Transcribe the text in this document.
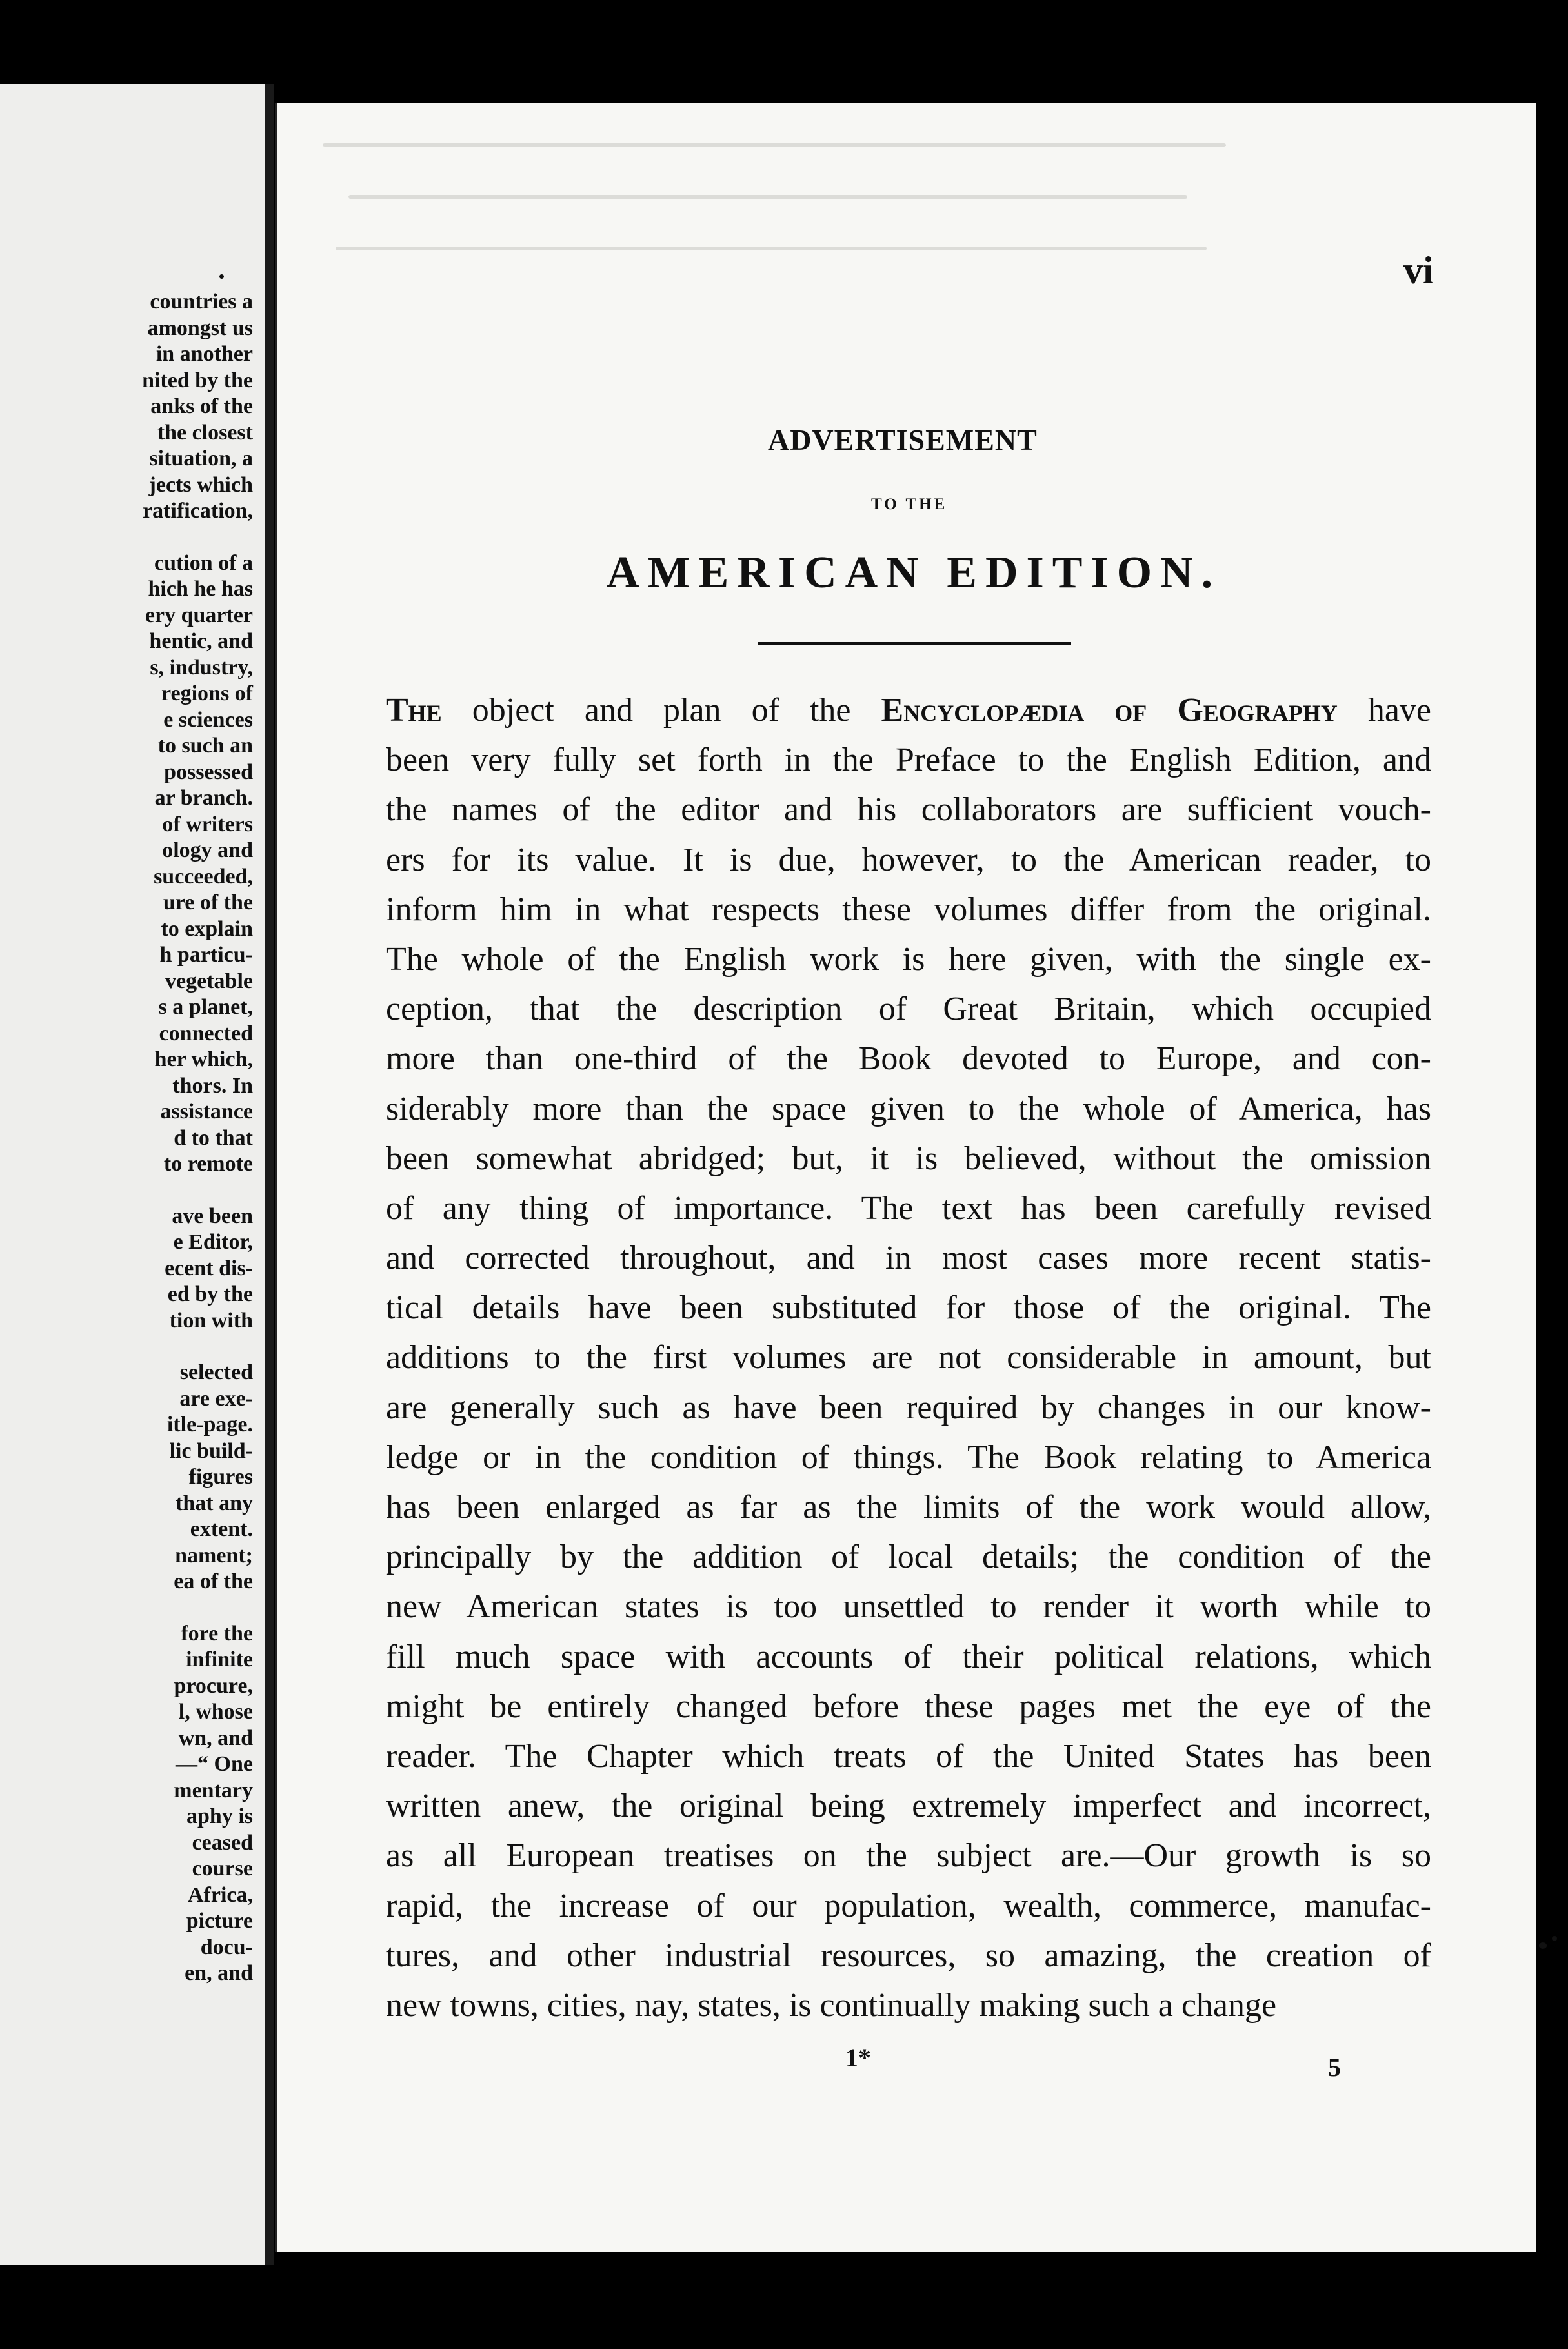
countries a
amongst us
in another
nited by the
anks of the
the closest
situation, a
jects which
ratification,
cution of a
hich he has
ery quarter
hentic, and
s, industry,
regions of
e sciences
to such an
possessed
ar branch.
of writers
ology and
succeeded,
ure of the
to explain
h particu-
vegetable
s a planet,
connected
her which,
thors. In
assistance
d to that
to remote
ave been
e Editor,
ecent dis-
ed by the
tion with
selected
are exe-
itle-page.
lic build-
figures
that any
extent.
nament;
ea of the
fore the
infinite
procure,
l, whose
wn, and
—“ One
mentary
aphy is
ceased
course
Africa,
picture
docu-
en, and
vi
ADVERTISEMENT
TO THE
AMERICAN EDITION.
The object and plan of the Encyclopædia of Geography have
been very fully set forth in the Preface to the English Edition, and
the names of the editor and his collaborators are sufficient vouch-
ers for its value. It is due, however, to the American reader, to
inform him in what respects these volumes differ from the original.
The whole of the English work is here given, with the single ex-
ception, that the description of Great Britain, which occupied
more than one-third of the Book devoted to Europe, and con-
siderably more than the space given to the whole of America, has
been somewhat abridged; but, it is believed, without the omission
of any thing of importance. The text has been carefully revised
and corrected throughout, and in most cases more recent statis-
tical details have been substituted for those of the original. The
additions to the first volumes are not considerable in amount, but
are generally such as have been required by changes in our know-
ledge or in the condition of things. The Book relating to America
has been enlarged as far as the limits of the work would allow,
principally by the addition of local details; the condition of the
new American states is too unsettled to render it worth while to
fill much space with accounts of their political relations, which
might be entirely changed before these pages met the eye of the
reader. The Chapter which treats of the United States has been
written anew, the original being extremely imperfect and incorrect,
as all European treatises on the subject are.—Our growth is so
rapid, the increase of our population, wealth, commerce, manufac-
tures, and other industrial resources, so amazing, the creation of
new towns, cities, nay, states, is continually making such a change
1*	5
